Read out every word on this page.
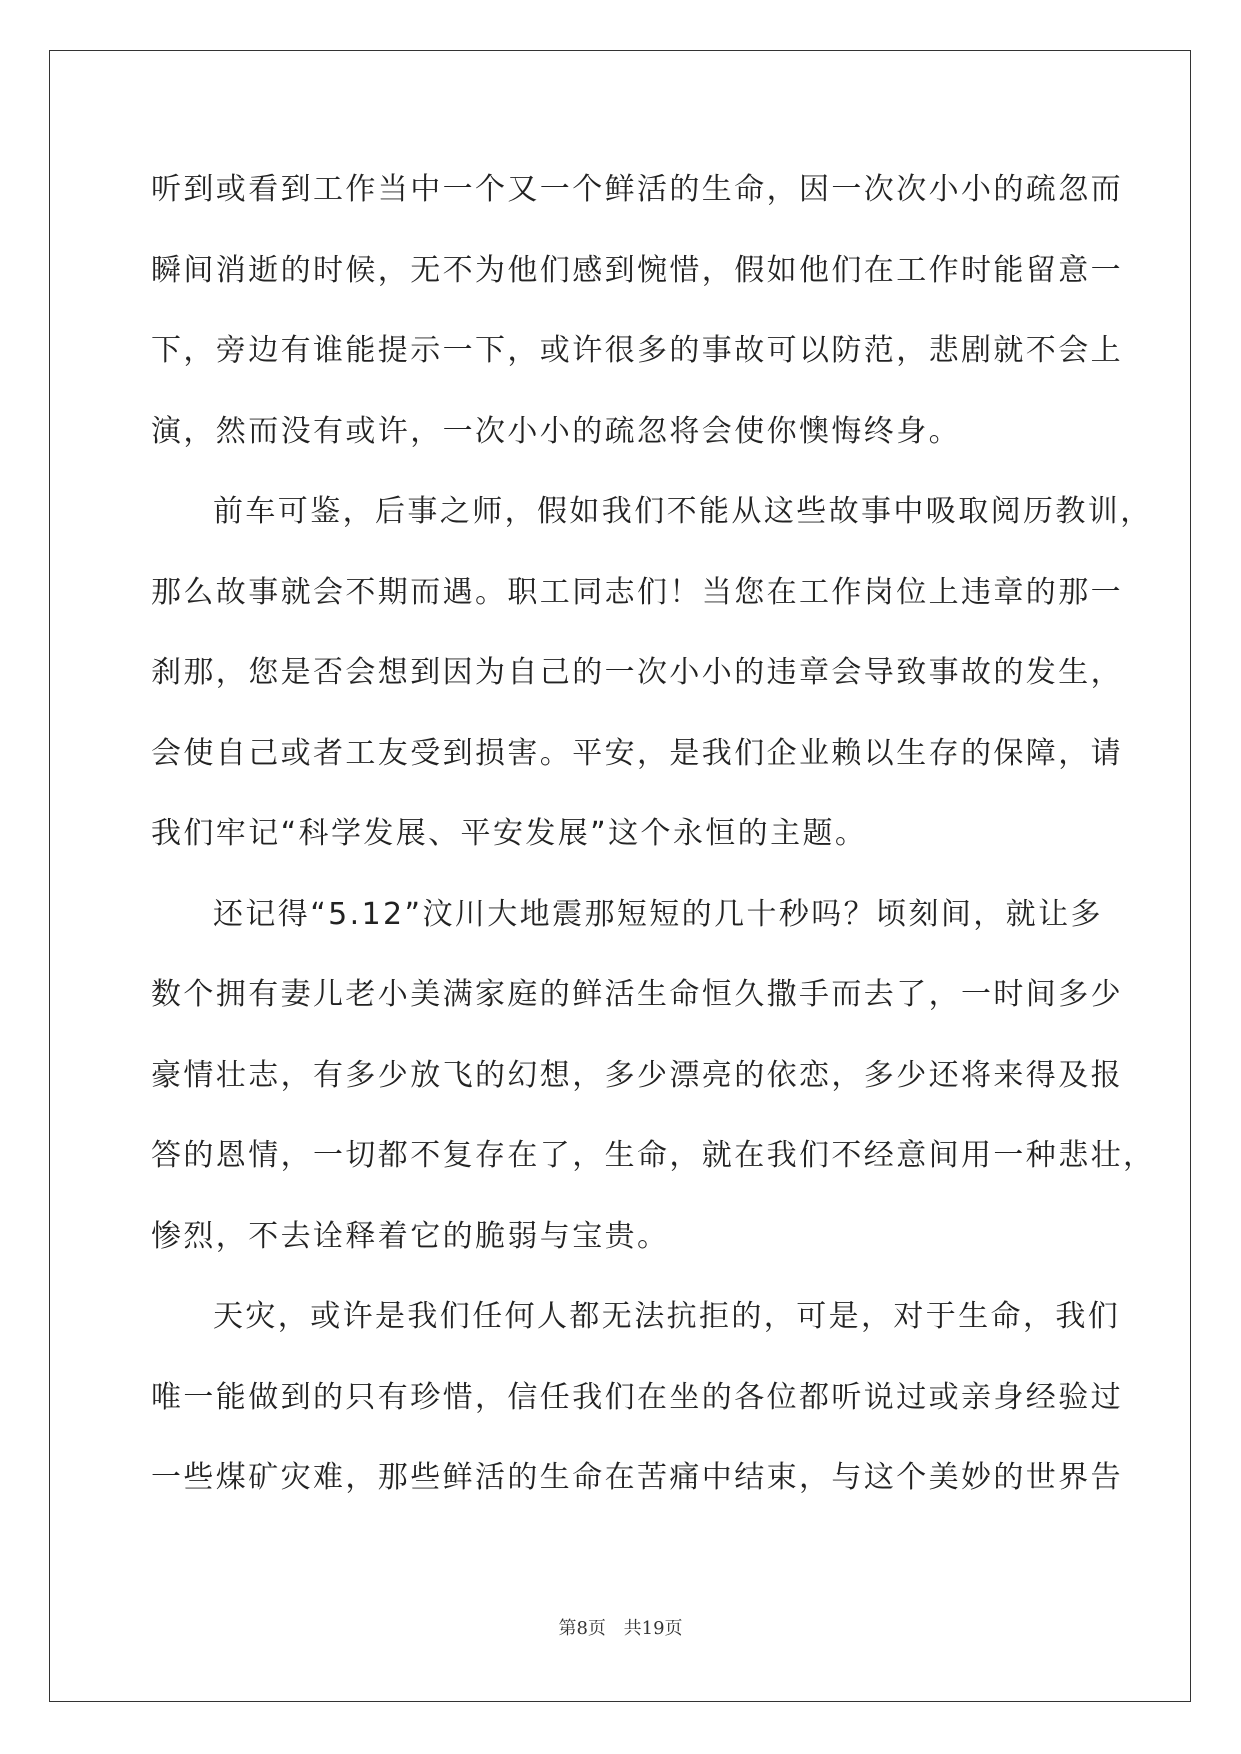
听到或看到工作当中一个又一个鲜活的生命，因一次次小小的疏忽而
瞬间消逝的时候，无不为他们感到惋惜，假如他们在工作时能留意一
下，旁边有谁能提示一下，或许很多的事故可以防范，悲剧就不会上
演，然而没有或许，一次小小的疏忽将会使你懊悔终身。
前车可鉴，后事之师，假如我们不能从这些故事中吸取阅历教训，
那么故事就会不期而遇。职工同志们！当您在工作岗位上违章的那一
刹那，您是否会想到因为自己的一次小小的违章会导致事故的发生，
会使自己或者工友受到损害。平安，是我们企业赖以生存的保障，请
我们牢记“科学发展、平安发展”这个永恒的主题。
还记得“5.12”汶川大地震那短短的几十秒吗？顷刻间，就让多
数个拥有妻儿老小美满家庭的鲜活生命恒久撒手而去了，一时间多少
豪情壮志，有多少放飞的幻想，多少漂亮的依恋，多少还将来得及报
答的恩情，一切都不复存在了，生命，就在我们不经意间用一种悲壮，
惨烈，不去诠释着它的脆弱与宝贵。
天灾，或许是我们任何人都无法抗拒的，可是，对于生命，我们
唯一能做到的只有珍惜，信任我们在坐的各位都听说过或亲身经验过
一些煤矿灾难，那些鲜活的生命在苦痛中结束，与这个美妙的世界告
第8页 共19页
